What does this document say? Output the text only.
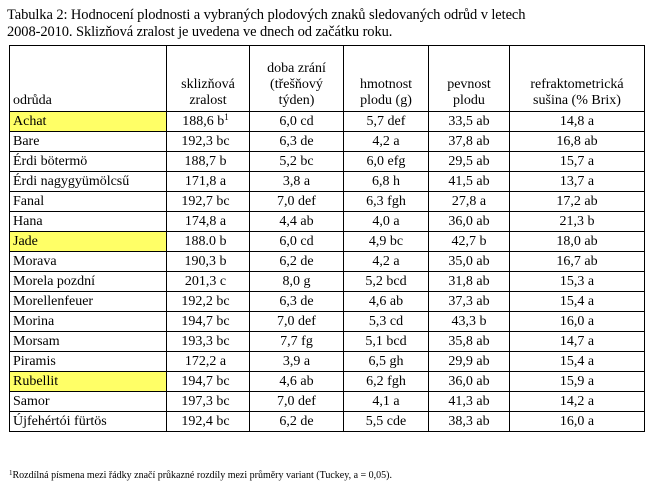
Tabulka 2: Hodnocení plodnosti a vybraných plodových znaků sledovaných odrůd v letech
2008-2010. Sklizňová zralost je uvedena ve dnech od začátku roku.
odrůda	sklizňová zralost	doba zrání (třešňový týden)	hmotnost plodu (g)	pevnost plodu	refraktometrická sušina (% Brix)
Achat	188,6 $b^1$	6,0 cd	5,7 def	33,5 ab	14,8 a
Bare	192,3 bc	6,3 de	4,2 a	37,8 ab	16,8 ab
Érdi bötermö	188,7 b	5,2 bc	6,0 efg	29,5 ab	15,7 a
Érdi nagygyümölcsű	171,8 a	3,8 a	6,8 h	41,5 ab	13,7 a
Fanal	192,7 bc	7,0 def	6,3 fgh	27,8 a	17,2 ab
Hana	174,8 a	4,4 ab	4,0 a	36,0 ab	21,3 b
Jade	188.0 b	6,0 cd	4,9 bc	42,7 b	18,0 ab
Morava	190,3 b	6,2 de	4,2 a	35,0 ab	16,7 ab
Morela pozdní	201,3 c	8,0 g	5,2 bcd	31,8 ab	15,3 a
Morellenfeuer	192,2 bc	6,3 de	4,6 ab	37,3 ab	15,4 a
Morina	194,7 bc	7,0 def	5,3 cd	43,3 b	16,0 a
Morsam	193,3 bc	7,7 fg	5,1 bcd	35,8 ab	14,7 a
Piramis	172,2 a	3,9 a	6,5 gh	29,9 ab	15,4 a
Rubellit	194,7 bc	4,6 ab	6,2 fgh	36,0 ab	15,9 a
Samor	197,3 bc	7,0 def	4,1 a	41,3 ab	14,2 a
Újfehértói fürtös	192,4 bc	6,2 de	5,5 cde	38,3 ab	16,0 a
$^1$Rozdílná písmena mezi řádky značí průkazné rozdíly mezi průměry variant (Tuckey, a = 0,05).
